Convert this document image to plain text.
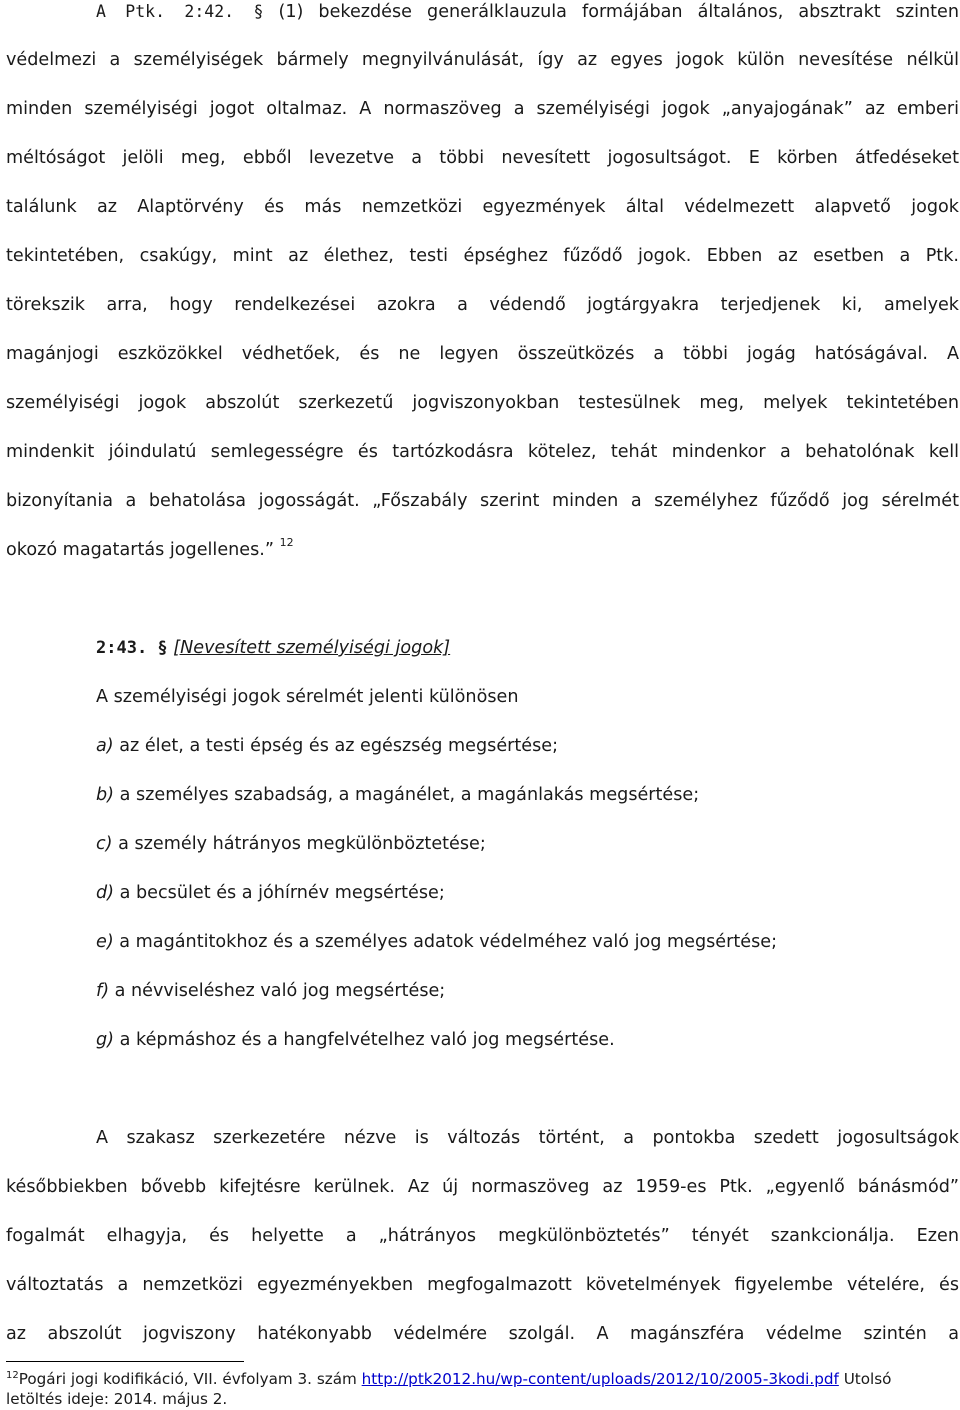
A Ptk. 2:42. § (1) bekezdése generálklauzula formájában általános, absztrakt szinten
védelmezi a személyiségek bármely megnyilvánulását, így az egyes jogok külön nevesítése nélkül
minden személyiségi jogot oltalmaz. A normaszöveg a személyiségi jogok „anyajogának” az emberi
méltóságot jelöli meg, ebből levezetve a többi nevesített jogosultságot. E körben átfedéseket
találunk az Alaptörvény és más nemzetközi egyezmények által védelmezett alapvető jogok
tekintetében, csakúgy, mint az élethez, testi épséghez fűződő jogok. Ebben az esetben a Ptk.
törekszik arra, hogy rendelkezései azokra a védendő jogtárgyakra terjedjenek ki, amelyek
magánjogi eszközökkel védhetőek, és ne legyen összeütközés a többi jogág hatóságával. A
személyiségi jogok abszolút szerkezetű jogviszonyokban testesülnek meg, melyek tekintetében
mindenkit jóindulatú semlegességre és tartózkodásra kötelez, tehát mindenkor a behatolónak kell
bizonyítania a behatolása jogosságát. „Főszabály szerint minden a személyhez fűződő jog sérelmét
okozó magatartás jogellenes.” $^{12}$
2:43. § [Nevesített személyiségi jogok]
A személyiségi jogok sérelmét jelenti különösen
a) az élet, a testi épség és az egészség megsértése;
b) a személyes szabadság, a magánélet, a magánlakás megsértése;
c) a személy hátrányos megkülönböztetése;
d) a becsület és a jóhírnév megsértése;
e) a magántitokhoz és a személyes adatok védelméhez való jog megsértése;
f) a névviseléshez való jog megsértése;
g) a képmáshoz és a hangfelvételhez való jog megsértése.
A szakasz szerkezetére nézve is változás történt, a pontokba szedett jogosultságok
későbbiekben bővebb kifejtésre kerülnek. Az új normaszöveg az 1959-es Ptk. „egyenlő bánásmód”
fogalmát elhagyja, és helyette a „hátrányos megkülönböztetés” tényét szankcionálja. Ezen
változtatás a nemzetközi egyezményekben megfogalmazott követelmények figyelembe vételére, és
az abszolút jogviszony hatékonyabb védelmére szolgál. A magánszféra védelme szintén a
$^{12}$Pogári jogi kodifikáció, VII. évfolyam 3. szám http://ptk2012.hu/wp-content/uploads/2012/10/2005-3kodi.pdf Utolsó
letöltés ideje: 2014. május 2.
